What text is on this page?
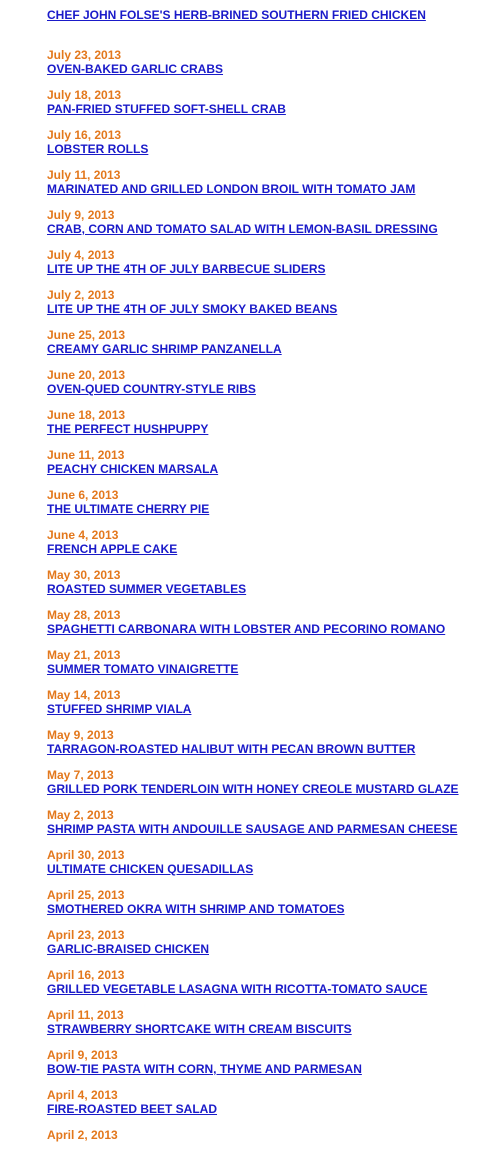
CHEF JOHN FOLSE'S HERB-BRINED SOUTHERN FRIED CHICKEN
July 23, 2013
OVEN-BAKED GARLIC CRABS
July 18, 2013
PAN-FRIED STUFFED SOFT-SHELL CRAB
July 16, 2013
LOBSTER ROLLS
July 11, 2013
MARINATED AND GRILLED LONDON BROIL WITH TOMATO JAM
July 9, 2013
CRAB, CORN AND TOMATO SALAD WITH LEMON-BASIL DRESSING
July 4, 2013
LITE UP THE 4TH OF JULY BARBECUE SLIDERS
July 2, 2013
LITE UP THE 4TH OF JULY SMOKY BAKED BEANS
June 25, 2013
CREAMY GARLIC SHRIMP PANZANELLA
June 20, 2013
OVEN-QUED COUNTRY-STYLE RIBS
June 18, 2013
THE PERFECT HUSHPUPPY
June 11, 2013
PEACHY CHICKEN MARSALA
June 6, 2013
THE ULTIMATE CHERRY PIE
June 4, 2013
FRENCH APPLE CAKE
May 30, 2013
ROASTED SUMMER VEGETABLES
May 28, 2013
SPAGHETTI CARBONARA WITH LOBSTER AND PECORINO ROMANO
May 21, 2013
SUMMER TOMATO VINAIGRETTE
May 14, 2013
STUFFED SHRIMP VIALA
May 9, 2013
TARRAGON-ROASTED HALIBUT WITH PECAN BROWN BUTTER
May 7, 2013
GRILLED PORK TENDERLOIN WITH HONEY CREOLE MUSTARD GLAZE
May 2, 2013
SHRIMP PASTA WITH ANDOUILLE SAUSAGE AND PARMESAN CHEESE
April 30, 2013
ULTIMATE CHICKEN QUESADILLAS
April 25, 2013
SMOTHERED OKRA WITH SHRIMP AND TOMATOES
April 23, 2013
GARLIC-BRAISED CHICKEN
April 16, 2013
GRILLED VEGETABLE LASAGNA WITH RICOTTA-TOMATO SAUCE
April 11, 2013
STRAWBERRY SHORTCAKE WITH CREAM BISCUITS
April 9, 2013
BOW-TIE PASTA WITH CORN, THYME AND PARMESAN
April 4, 2013
FIRE-ROASTED BEET SALAD
April 2, 2013
